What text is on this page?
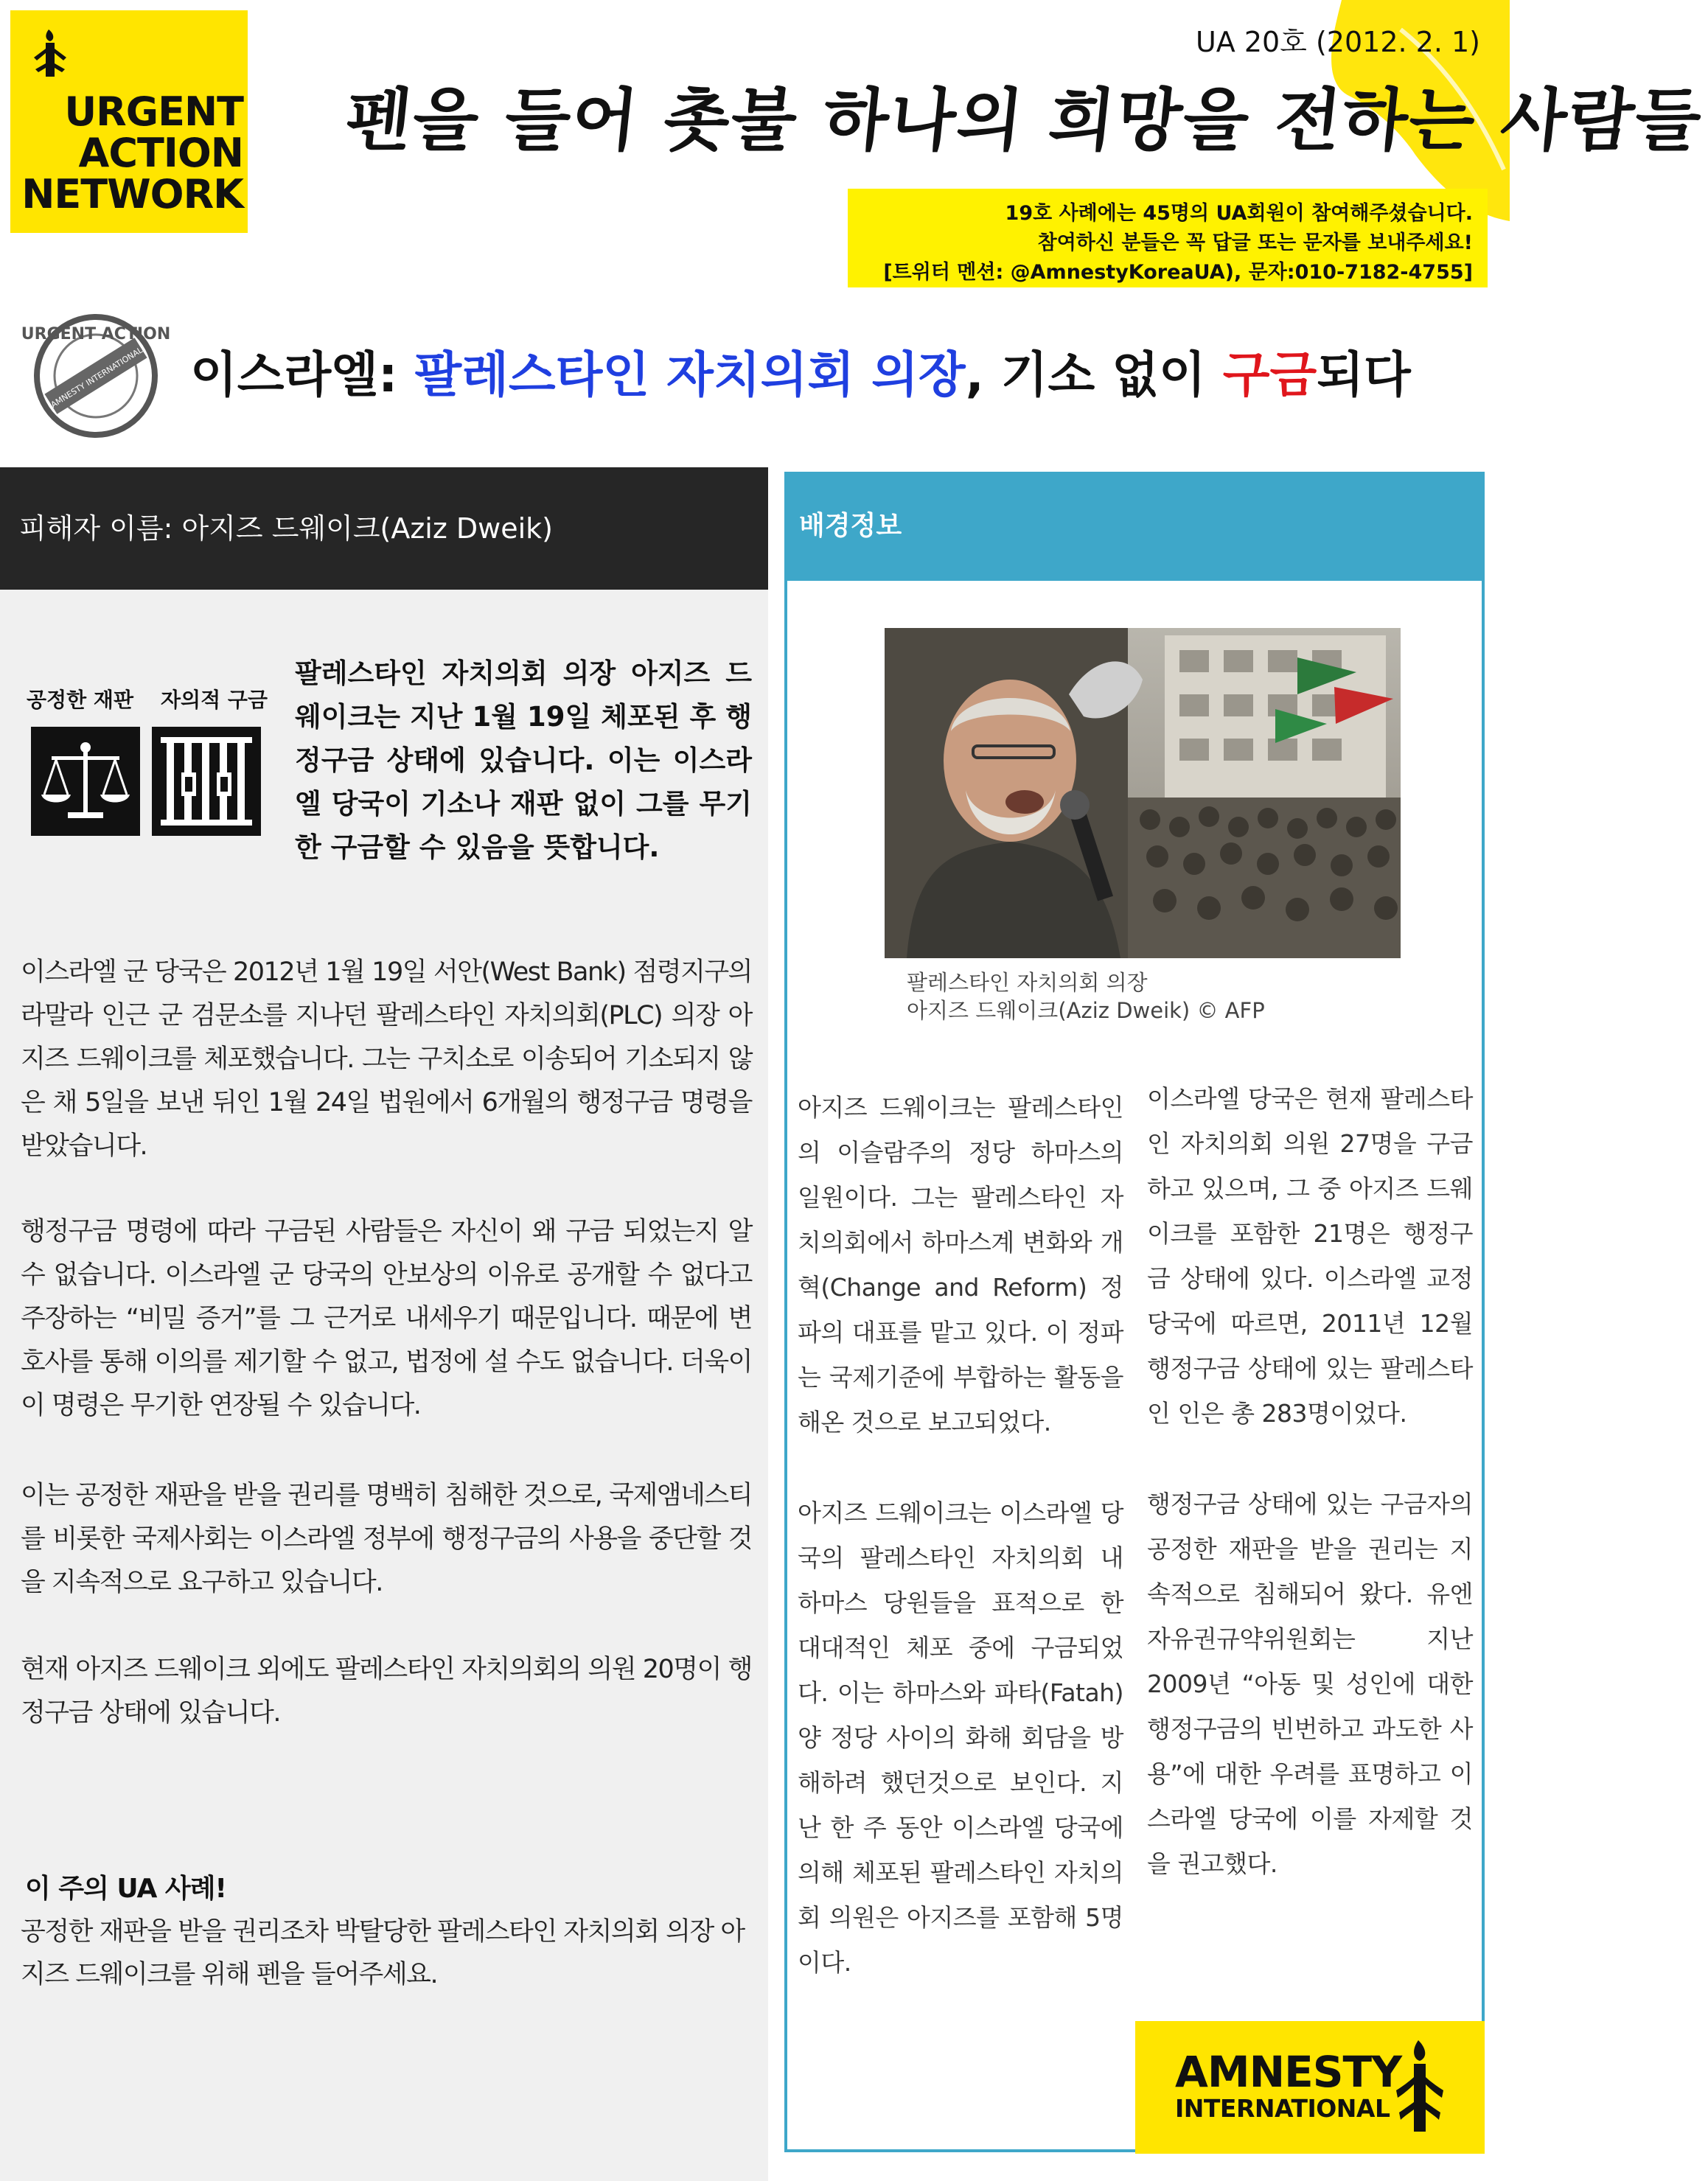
URGENT
ACTION
NETWORK
UA 20호 (2012. 2. 1)
펜을 들어 촛불 하나의 희망을 전하는 사람들
19호 사례에는 45명의 UA회원이 참여해주셨습니다.
참여하신 분들은 꼭 답글 또는 문자를 보내주세요!
[트위터 멘션: @AmnestyKoreaUA), 문자:010-7182-4755]
URGENT ACTION
AMNESTY INTERNATIONAL 이스라엘: 팔레스타인 자치의회 의장, 기소 없이 구금되다
피해자 이름: 아지즈 드웨이크(Aziz Dweik)
공정한 재판 자의적 구금
팔레스타인 자치의회 의장 아지즈 드웨이크는 지난 1월 19일 체포된 후 행정구금 상태에 있습니다. 이는 이스라엘 당국이 기소나 재판 없이 그를 무기한 구금할 수 있음을 뜻합니다.
이스라엘 군 당국은 2012년 1월 19일 서안(West Bank) 점령지구의 라말라 인근 군 검문소를 지나던 팔레스타인 자치의회(PLC) 의장 아지즈 드웨이크를 체포했습니다. 그는 구치소로 이송되어 기소되지 않은 채 5일을 보낸 뒤인 1월 24일 법원에서 6개월의 행정구금 명령을 받았습니다.
행정구금 명령에 따라 구금된 사람들은 자신이 왜 구금 되었는지 알 수 없습니다. 이스라엘 군 당국의 안보상의 이유로 공개할 수 없다고 주장하는 “비밀 증거”를 그 근거로 내세우기 때문입니다. 때문에 변호사를 통해 이의를 제기할 수 없고, 법정에 설 수도 없습니다. 더욱이 이 명령은 무기한 연장될 수 있습니다.
이는 공정한 재판을 받을 권리를 명백히 침해한 것으로, 국제앰네스티를 비롯한 국제사회는 이스라엘 정부에 행정구금의 사용을 중단할 것을 지속적으로 요구하고 있습니다.
현재 아지즈 드웨이크 외에도 팔레스타인 자치의회의 의원 20명이 행정구금 상태에 있습니다.
이 주의 UA 사례!
공정한 재판을 받을 권리조차 박탈당한 팔레스타인 자치의회 의장 아지즈 드웨이크를 위해 펜을 들어주세요.
배경정보
팔레스타인 자치의회 의장
아지즈 드웨이크(Aziz Dweik) © AFP
아지즈 드웨이크는 팔레스타인의 이슬람주의 정당 하마스의 일원이다. 그는 팔레스타인 자치의회에서 하마스계 변화와 개혁(Change and Reform) 정파의 대표를 맡고 있다. 이 정파는 국제기준에 부합하는 활동을 해온 것으로 보고되었다.
이스라엘 당국은 현재 팔레스타인 자치의회 의원 27명을 구금하고 있으며, 그 중 아지즈 드웨이크를 포함한 21명은 행정구금 상태에 있다. 이스라엘 교정당국에 따르면, 2011년 12월 행정구금 상태에 있는 팔레스타인 인은 총 283명이었다.
아지즈 드웨이크는 이스라엘 당국의 팔레스타인 자치의회 내 하마스 당원들을 표적으로 한 대대적인 체포 중에 구금되었다. 이는 하마스와 파타(Fatah) 양 정당 사이의 화해 회담을 방해하려 했던것으로 보인다. 지난 한 주 동안 이스라엘 당국에 의해 체포된 팔레스타인 자치의회 의원은 아지즈를 포함해 5명이다.
행정구금 상태에 있는 구금자의 공정한 재판을 받을 권리는 지속적으로 침해되어 왔다. 유엔 자유권규약위원회는 지난 2009년 “아동 및 성인에 대한 행정구금의 빈번하고 과도한 사용”에 대한 우려를 표명하고 이스라엘 당국에 이를 자제할 것을 권고했다.
AMNESTY
INTERNATIONAL
